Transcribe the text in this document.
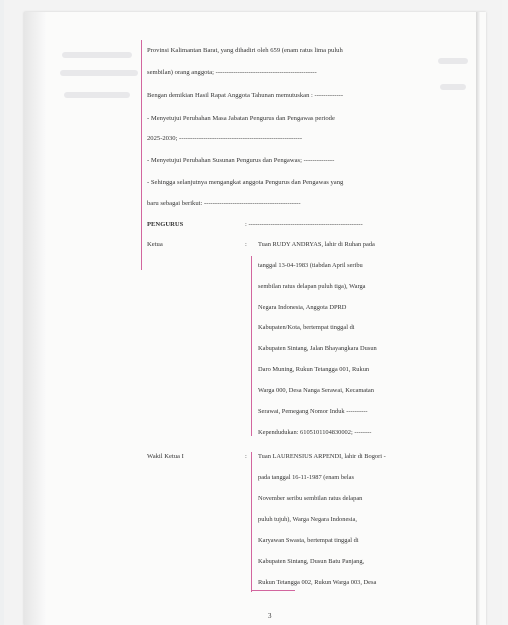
Provinsi Kalimantan Barat, yang dihadiri oleh 659 (enam ratus lima puluh
sembilan) orang anggota; ----------------------------------------------
Bengan demikian Hasil Rapat Anggota Tahunan memutuskan : -------------
- Menyetujui Perubahan Masa Jabatan Pengurus dan Pengawas periode
2025-2030; --------------------------------------------------------
- Menyetujui Perubahan Susunan Pengurus dan Pengawas; --------------
- Sehingga selanjutnya mengangkat anggota Pengurus dan Pengawas yang
baru sebagai berikut: --------------------------------------------
PENGURUS	: ----------------------------------------------------
Ketua	: Tuan RUDY ANDRYAS, lahir di Ruhan pada
tanggal 13-04-1983 (tiabdan April seribu
sembilan ratus delapan puluh tiga), Warga
Negara Indonesia, Anggota DPRD
Kabupaten/Kota, bertempat tinggal di
Kabupaten Sintang, Jalan Bhayangkara Dusun
Daro Muning, Rukun Tetangga 001, Rukun
Warga 000, Desa Nanga Serawai, Kecamatan
Serawai, Pemegang Nomor Induk ----------
Kependudukan: 6105101104830002; --------
Wakil Ketua I	: Tuan LAURENSIUS ARPENDI, lahir di Bogori -
pada tanggal 16-11-1987 (enam belas
November seribu sembilan ratus delapan
puluh tujuh), Warga Negara Indonesia,
Karyawan Swasta, bertempat tinggal di
Kabupaten Sintang, Dusun Batu Panjang,
Rukun Tetangga 002, Rukun Warga 003, Desa
3
